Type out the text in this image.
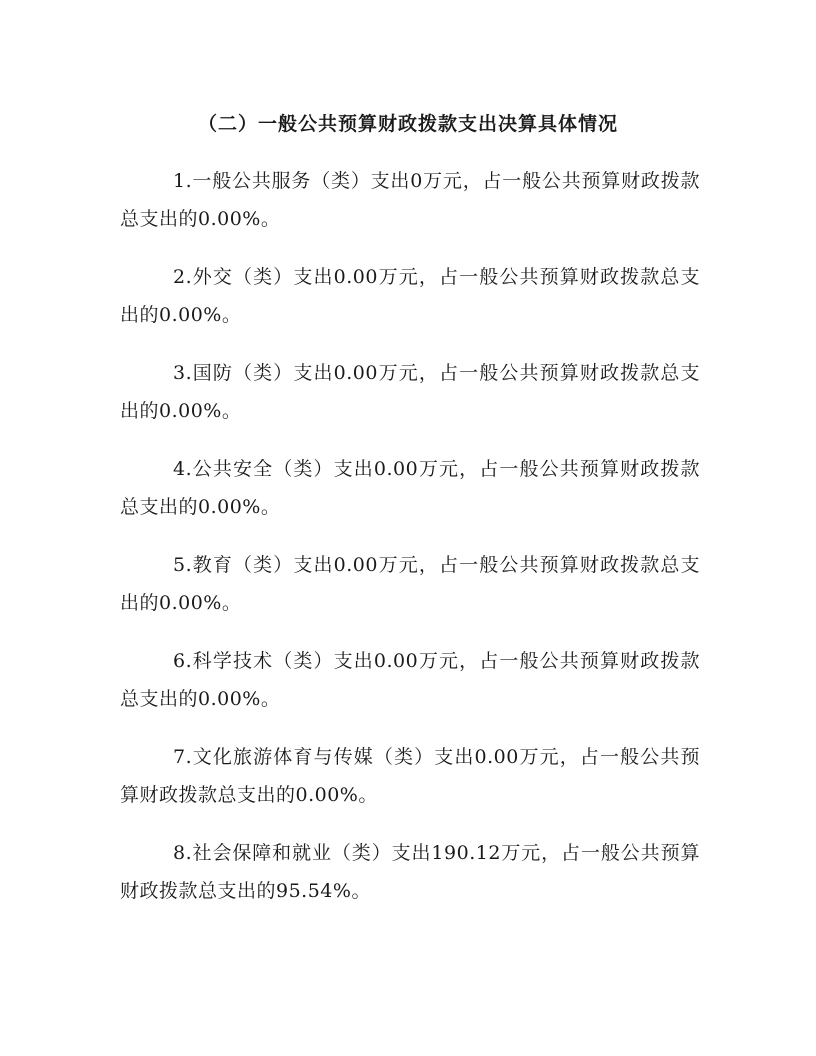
（二）一般公共预算财政拨款支出决算具体情况

1.一般公共服务（类）支出0万元，占一般公共预算财政拨款总支出的0.00%。

2.外交（类）支出0.00万元，占一般公共预算财政拨款总支出的0.00%。

3.国防（类）支出0.00万元，占一般公共预算财政拨款总支出的0.00%。

4.公共安全（类）支出0.00万元，占一般公共预算财政拨款总支出的0.00%。

5.教育（类）支出0.00万元，占一般公共预算财政拨款总支出的0.00%。

6.科学技术（类）支出0.00万元，占一般公共预算财政拨款总支出的0.00%。

7.文化旅游体育与传媒（类）支出0.00万元，占一般公共预算财政拨款总支出的0.00%。

8.社会保障和就业（类）支出190.12万元，占一般公共预算财政拨款总支出的95.54%。
